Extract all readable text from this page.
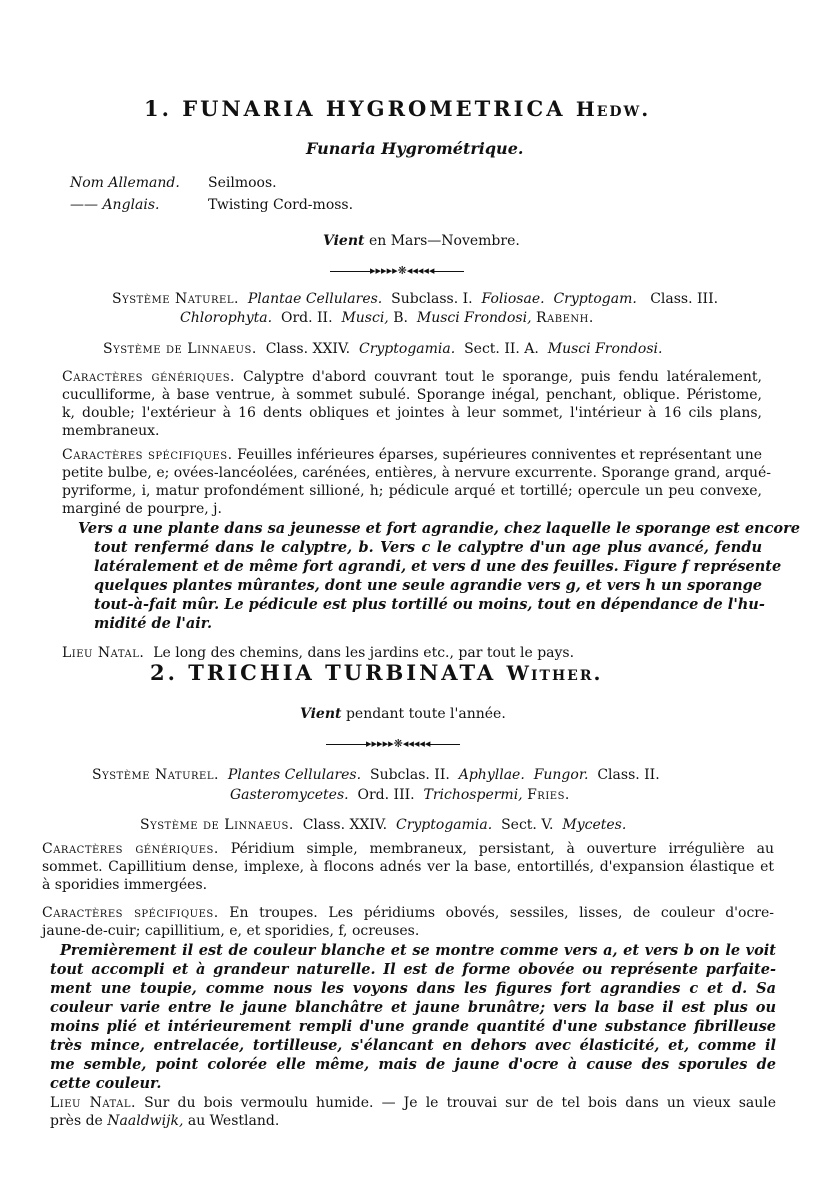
1. FUNARIA HYGROMETRICA Hedw.
Funaria Hygrométrique.
Nom Allemand. Seilmoos.
—— Anglais.	Twisting Cord-moss.
Vient en Mars—Novembre.
▸▸▸▸▸❋◂◂◂◂◂
Système Naturel. Plantae Cellulares. Subclass. I. Foliosae. Cryptogam. Class. III.
Chlorophyta. Ord. II. Musci, B. Musci Frondosi, Rabenh.
Système de Linnaeus. Class. XXIV. Cryptogamia. Sect. II. A. Musci Frondosi.
Caractères génériques. Calyptre d'abord couvrant tout le sporange, puis fendu latéralement,
cuculliforme, à base ventrue, à sommet subulé. Sporange inégal, penchant, oblique. Péristome,
k, double; l'extérieur à 16 dents obliques et jointes à leur sommet, l'intérieur à 16 cils plans,
membraneux.
Caractères spécifiques. Feuilles inférieures éparses, supérieures conniventes et représentant une
petite bulbe, e; ovées-lancéolées, carénées, entières, à nervure excurrente. Sporange grand, arqué-
pyriforme, i, matur profondément sillioné, h; pédicule arqué et tortillé; opercule un peu convexe,
marginé de pourpre, j.
Vers a une plante dans sa jeunesse et fort agrandie, chez laquelle le sporange est encore
tout renfermé dans le calyptre, b. Vers c le calyptre d'un age plus avancé, fendu
latéralement et de même fort agrandi, et vers d une des feuilles. Figure f représente
quelques plantes mûrantes, dont une seule agrandie vers g, et vers h un sporange
tout-à-fait mûr. Le pédicule est plus tortillé ou moins, tout en dépendance de l'hu-
midité de l'air.
Lieu Natal. Le long des chemins, dans les jardins etc., par tout le pays.
2. TRICHIA TURBINATA Wither.
Vient pendant toute l'année.
▸▸▸▸▸❋◂◂◂◂◂
Système Naturel. Plantes Cellulares. Subclas. II. Aphyllae. Fungor. Class. II.
Gasteromycetes. Ord. III. Trichospermi, Fries.
Système de Linnaeus. Class. XXIV. Cryptogamia. Sect. V. Mycetes.
Caractères génériques. Péridium simple, membraneux, persistant, à ouverture irrégulière au
sommet. Capillitium dense, implexe, à flocons adnés ver la base, entortillés, d'expansion élastique et
à sporidies immergées.
Caractères spécifiques. En troupes. Les péridiums obovés, sessiles, lisses, de couleur d'ocre-
jaune-de-cuir; capillitium, e, et sporidies, f, ocreuses.
Premièrement il est de couleur blanche et se montre comme vers a, et vers b on le voit
tout accompli et à grandeur naturelle. Il est de forme obovée ou représente parfaite-
ment une toupie, comme nous les voyons dans les figures fort agrandies c et d. Sa
couleur varie entre le jaune blanchâtre et jaune brunâtre; vers la base il est plus ou
moins plié et intérieurement rempli d'une grande quantité d'une substance fibrilleuse
très mince, entrelacée, tortilleuse, s'élancant en dehors avec élasticité, et, comme il
me semble, point colorée elle même, mais de jaune d'ocre à cause des sporules de
cette couleur.
Lieu Natal. Sur du bois vermoulu humide. — Je le trouvai sur de tel bois dans un vieux saule
près de Naaldwijk, au Westland.
